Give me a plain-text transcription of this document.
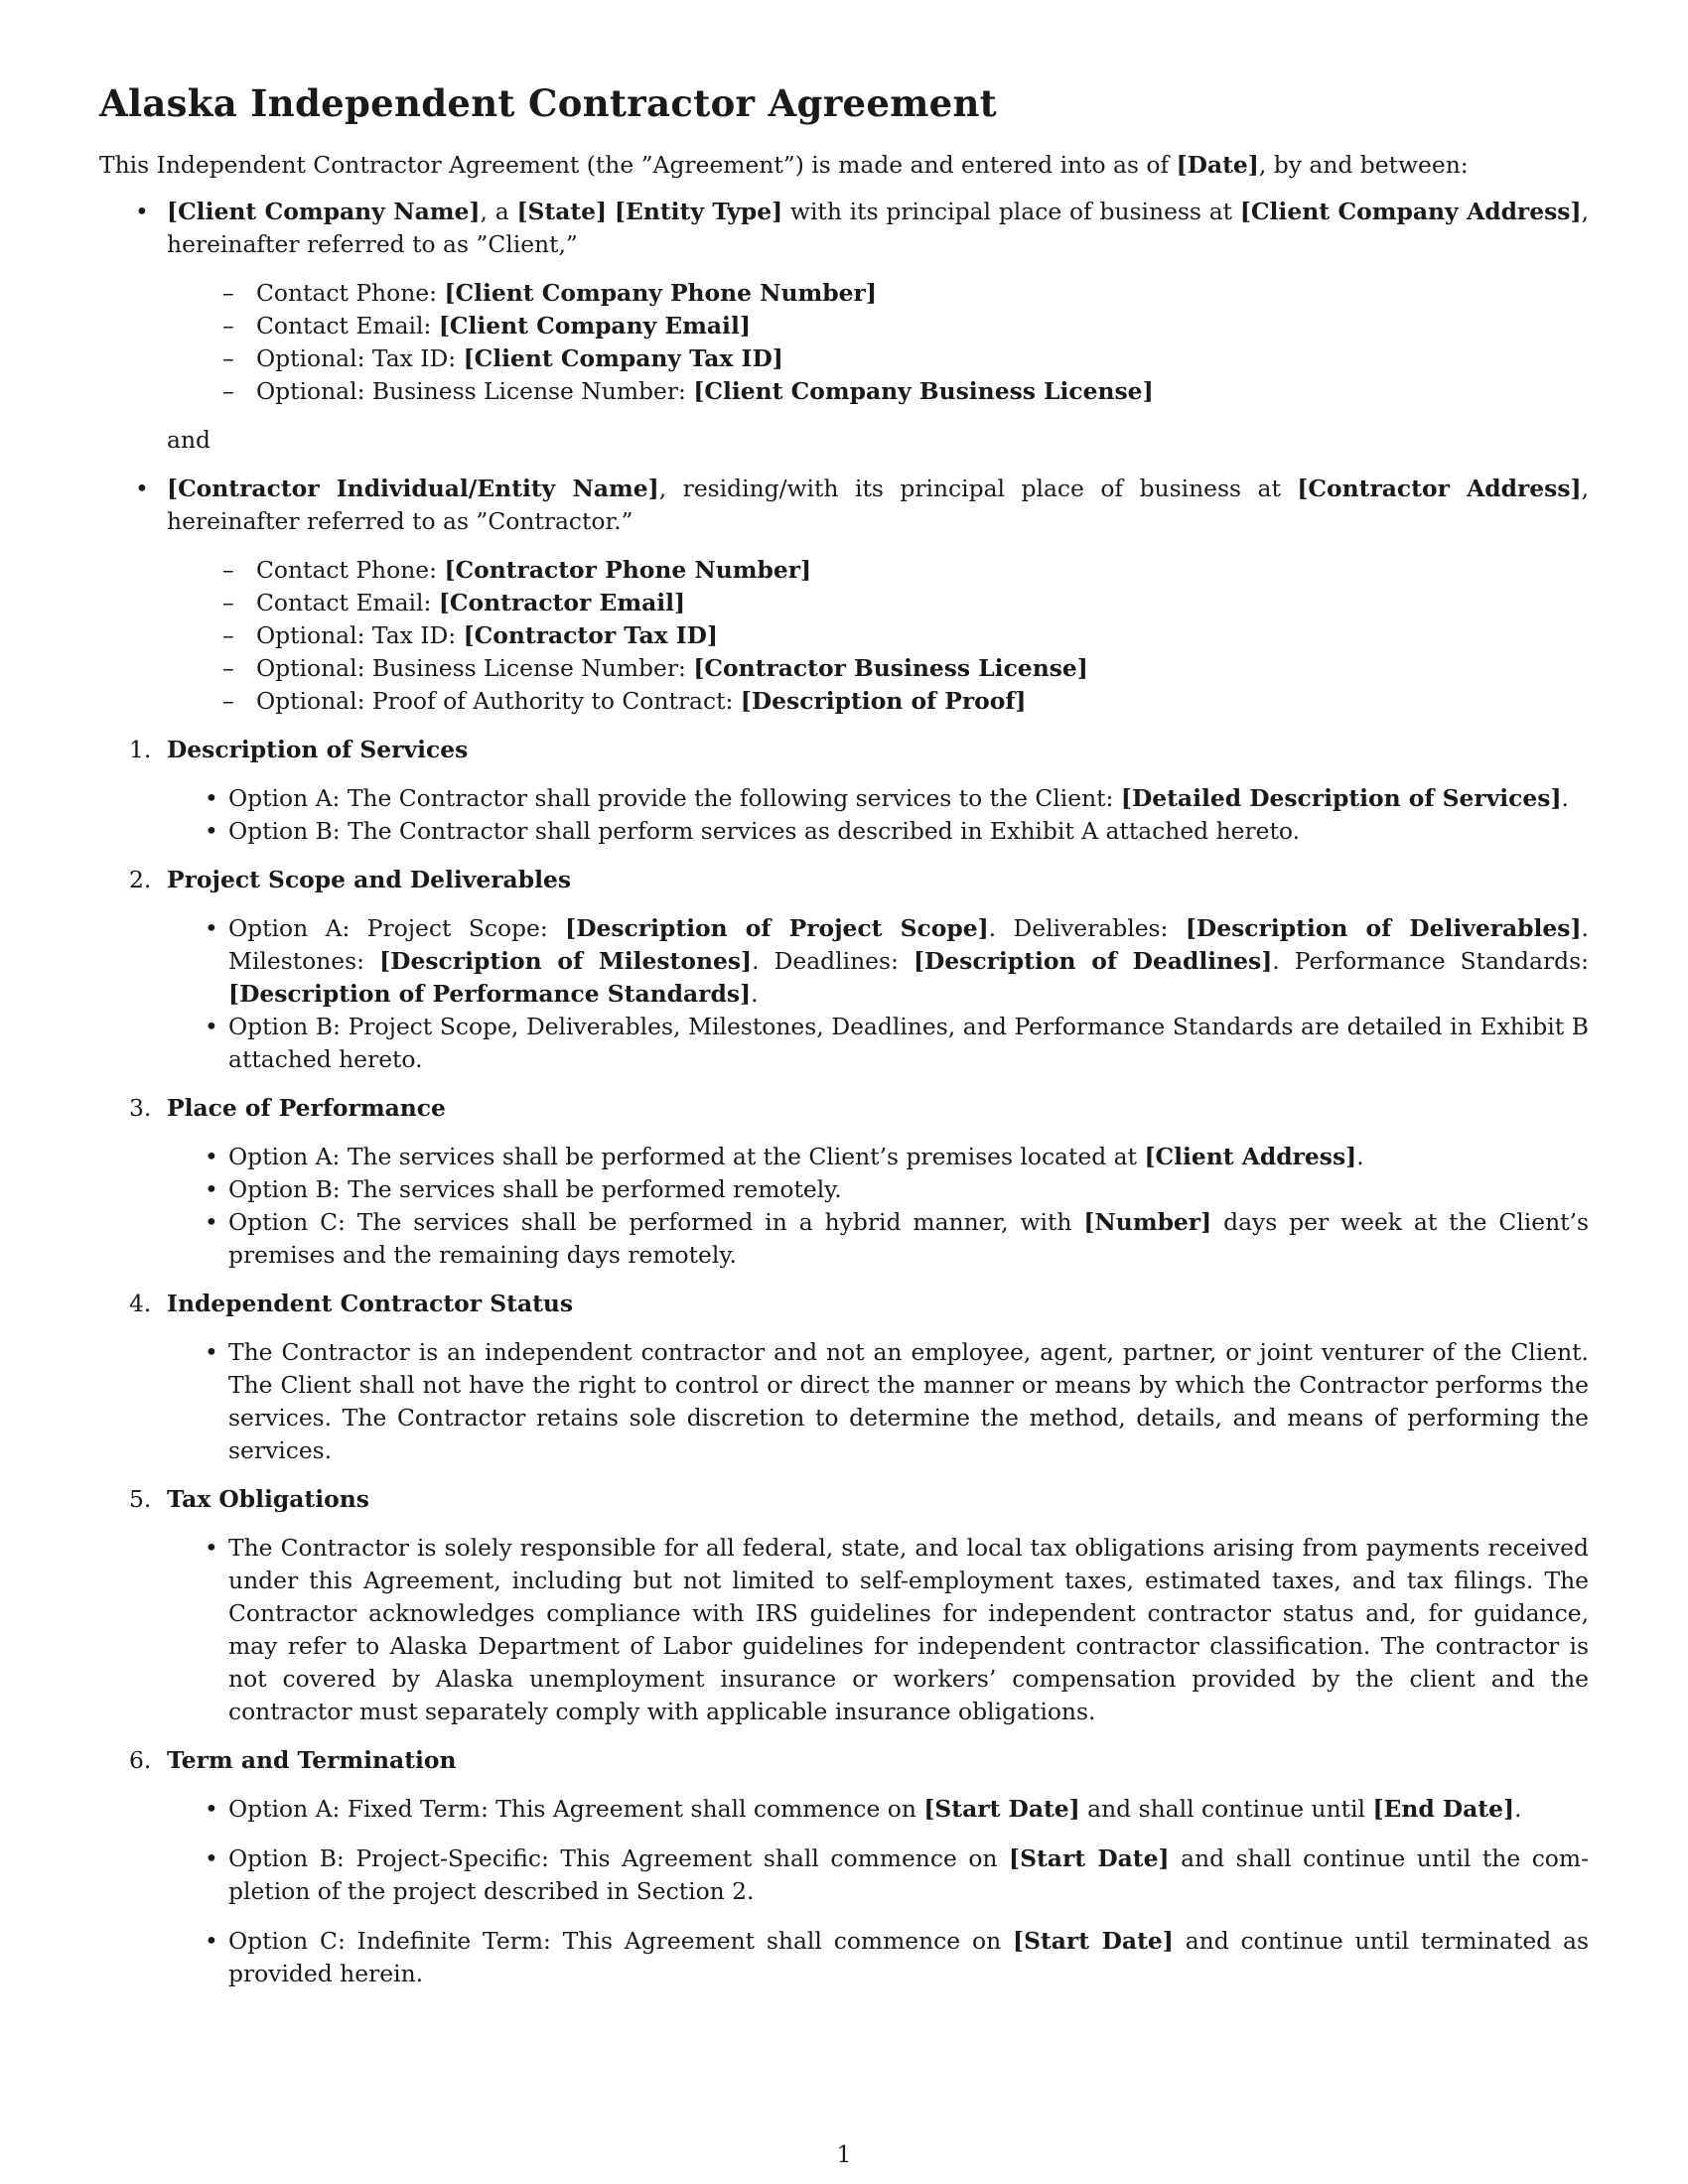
Alaska Independent Contractor Agreement

This Independent Contractor Agreement (the ”Agreement”) is made and entered into as of [Date], by and between:

• [Client Company Name], a [State] [Entity Type] with its principal place of business at [Client Company Address], hereinafter referred to as ”Client,”

– Contact Phone: [Client Company Phone Number]
– Contact Email: [Client Company Email]
– Optional: Tax ID: [Client Company Tax ID]
– Optional: Business License Number: [Client Company Business License]

and

• [Contractor Individual/Entity Name], residing/with its principal place of business at [Contractor Address], hereinafter referred to as ”Contractor.”

– Contact Phone: [Contractor Phone Number]
– Contact Email: [Contractor Email]
– Optional: Tax ID: [Contractor Tax ID]
– Optional: Business License Number: [Contractor Business License]
– Optional: Proof of Authority to Contract: [Description of Proof]
1. Description of Services
• Option A: The Contractor shall provide the following services to the Client: [Detailed Description of Services].
• Option B: The Contractor shall perform services as described in Exhibit A attached hereto.
2. Project Scope and Deliverables
• Option A: Project Scope: [Description of Project Scope]. Deliverables: [Description of Deliverables]. Milestones: [Description of Milestones]. Deadlines: [Description of Deadlines]. Performance Standards: [Description of Performance Standards].
• Option B: Project Scope, Deliverables, Milestones, Deadlines, and Performance Standards are detailed in Exhibit B attached hereto.
3. Place of Performance
• Option A: The services shall be performed at the Client’s premises located at [Client Address].
• Option B: The services shall be performed remotely.
• Option C: The services shall be performed in a hybrid manner, with [Number] days per week at the Client’s premises and the remaining days remotely.
4. Independent Contractor Status
• The Contractor is an independent contractor and not an employee, agent, partner, or joint venturer of the Client. The Client shall not have the right to control or direct the manner or means by which the Contractor performs the services. The Contractor retains sole discretion to determine the method, details, and means of performing the services.
5. Tax Obligations
• The Contractor is solely responsible for all federal, state, and local tax obligations arising from payments received under this Agreement, including but not limited to self-employment taxes, estimated taxes, and tax filings. The Contractor acknowledges compliance with IRS guidelines for independent contractor status and, for guidance, may refer to Alaska Department of Labor guidelines for independent contractor classification. The contractor is not covered by Alaska unemployment insurance or workers’ compensation provided by the client and the contractor must separately comply with applicable insurance obligations.
6. Term and Termination
• Option A: Fixed Term: This Agreement shall commence on [Start Date] and shall continue until [End Date].
• Option B: Project-Specific: This Agreement shall commence on [Start Date] and shall continue until the completion of the project described in Section 2.
• Option C: Indefinite Term: This Agreement shall commence on [Start Date] and continue until terminated as provided herein.
1
